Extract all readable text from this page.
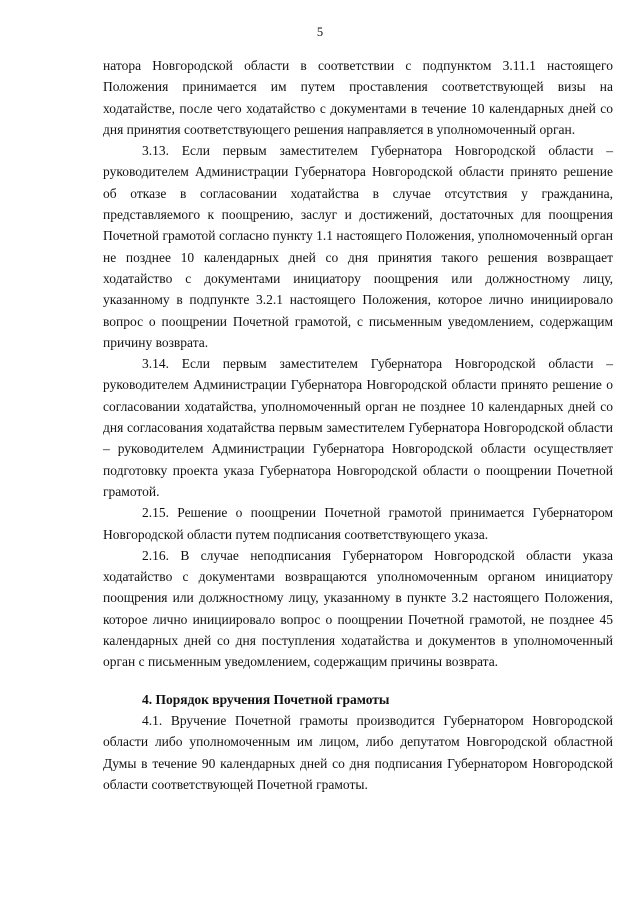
5

натора Новгородской области в соответствии с подпунктом 3.11.1 настоящего Положения принимается им путем проставления соответствующей визы на ходатайстве, после чего ходатайство с документами в течение 10 календарных дней со дня принятия соответствующего решения направляется в уполномоченный орган.

3.13. Если первым заместителем Губернатора Новгородской области – руководителем Администрации Губернатора Новгородской области принято решение об отказе в согласовании ходатайства в случае отсутствия у гражданина, представляемого к поощрению, заслуг и достижений, достаточных для поощрения Почетной грамотой согласно пункту 1.1 настоящего Положения, уполномоченный орган не позднее 10 календарных дней со дня принятия такого решения возвращает ходатайство с документами инициатору поощрения или должностному лицу, указанному в подпункте 3.2.1 настоящего Положения, которое лично инициировало вопрос о поощрении Почетной грамотой, с письменным уведомлением, содержащим причину возврата.

3.14. Если первым заместителем Губернатора Новгородской области – руководителем Администрации Губернатора Новгородской области принято решение о согласовании ходатайства, уполномоченный орган не позднее 10 календарных дней со дня согласования ходатайства первым заместителем Губернатора Новгородской области – руководителем Администрации Губернатора Новгородской области осуществляет подготовку проекта указа Губернатора Новгородской области о поощрении Почетной грамотой.

2.15. Решение о поощрении Почетной грамотой принимается Губернатором Новгородской области путем подписания соответствующего указа.

2.16. В случае неподписания Губернатором Новгородской области указа ходатайство с документами возвращаются уполномоченным органом инициатору поощрения или должностному лицу, указанному в пункте 3.2 настоящего Положения, которое лично инициировало вопрос о поощрении Почетной грамотой, не позднее 45 календарных дней со дня поступления ходатайства и документов в уполномоченный орган с письменным уведомлением, содержащим причины возврата.

4. Порядок вручения Почетной грамоты

4.1. Вручение Почетной грамоты производится Губернатором Новгородской области либо уполномоченным им лицом, либо депутатом Новгородской областной Думы в течение 90 календарных дней со дня подписания Губернатором Новгородской области соответствующей Почетной грамоты.
